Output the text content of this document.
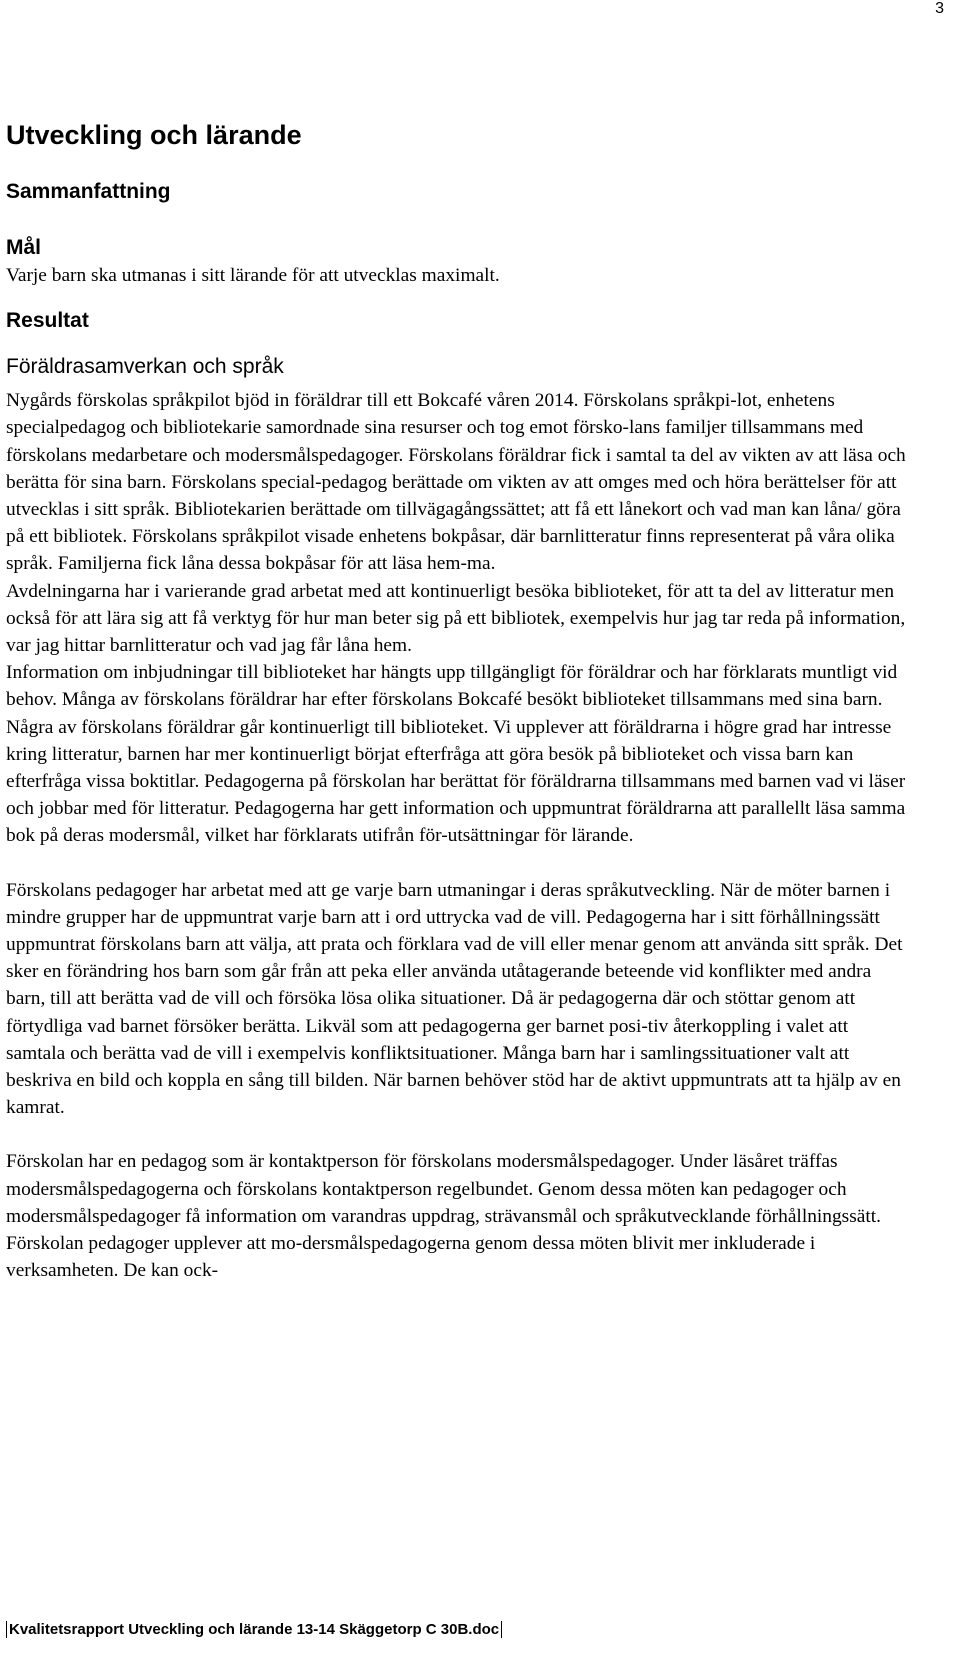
3
Utveckling och lärande
Sammanfattning
Mål

Varje barn ska utmanas i sitt lärande för att utvecklas maximalt.

Resultat
Föräldrasamverkan och språk

Nygårds förskolas språkpilot bjöd in föräldrar till ett Bokcafé våren 2014. Förskolans språkpi-lot, enhetens specialpedagog och bibliotekarie samordnade sina resurser och tog emot försko-lans familjer tillsammans med förskolans medarbetare och modersmålspedagoger. Förskolans föräldrar fick i samtal ta del av vikten av att läsa och berätta för sina barn. Förskolans special-pedagog berättade om vikten av att omges med och höra berättelser för att utvecklas i sitt språk. Bibliotekarien berättade om tillvägagångssättet; att få ett lånekort och vad man kan låna/ göra på ett bibliotek. Förskolans språkpilot visade enhetens bokpåsar, där barnlitteratur finns representerat på våra olika språk. Familjerna fick låna dessa bokpåsar för att läsa hem-ma.

Avdelningarna har i varierande grad arbetat med att kontinuerligt besöka biblioteket, för att ta del av litteratur men också för att lära sig att få verktyg för hur man beter sig på ett bibliotek, exempelvis hur jag tar reda på information, var jag hittar barnlitteratur och vad jag får låna hem.

Information om inbjudningar till biblioteket har hängts upp tillgängligt för föräldrar och har förklarats muntligt vid behov. Många av förskolans föräldrar har efter förskolans Bokcafé besökt biblioteket tillsammans med sina barn. Några av förskolans föräldrar går kontinuerligt till biblioteket. Vi upplever att föräldrarna i högre grad har intresse kring litteratur, barnen har mer kontinuerligt börjat efterfråga att göra besök på biblioteket och vissa barn kan efterfråga vissa boktitlar. Pedagogerna på förskolan har berättat för föräldrarna tillsammans med barnen vad vi läser och jobbar med för litteratur. Pedagogerna har gett information och uppmuntrat föräldrarna att parallellt läsa samma bok på deras modersmål, vilket har förklarats utifrån för-utsättningar för lärande.

Förskolans pedagoger har arbetat med att ge varje barn utmaningar i deras språkutveckling. När de möter barnen i mindre grupper har de uppmuntrat varje barn att i ord uttrycka vad de vill. Pedagogerna har i sitt förhållningssätt uppmuntrat förskolans barn att välja, att prata och förklara vad de vill eller menar genom att använda sitt språk. Det sker en förändring hos barn som går från att peka eller använda utåtagerande beteende vid konflikter med andra barn, till att berätta vad de vill och försöka lösa olika situationer. Då är pedagogerna där och stöttar genom att förtydliga vad barnet försöker berätta. Likväl som att pedagogerna ger barnet posi-tiv återkoppling i valet att samtala och berätta vad de vill i exempelvis konfliktsituationer. Många barn har i samlingssituationer valt att beskriva en bild och koppla en sång till bilden. När barnen behöver stöd har de aktivt uppmuntrats att ta hjälp av en kamrat.

Förskolan har en pedagog som är kontaktperson för förskolans modersmålspedagoger. Under läsåret träffas modersmålspedagogerna och förskolans kontaktperson regelbundet. Genom dessa möten kan pedagoger och modersmålspedagoger få information om varandras uppdrag, strävansmål och språkutvecklande förhållningssätt. Förskolan pedagoger upplever att mo-dersmålspedagogerna genom dessa möten blivit mer inkluderade i verksamheten. De kan ock-

Kvalitetsrapport Utveckling och lärande 13-14 Skäggetorp C 30B.doc
